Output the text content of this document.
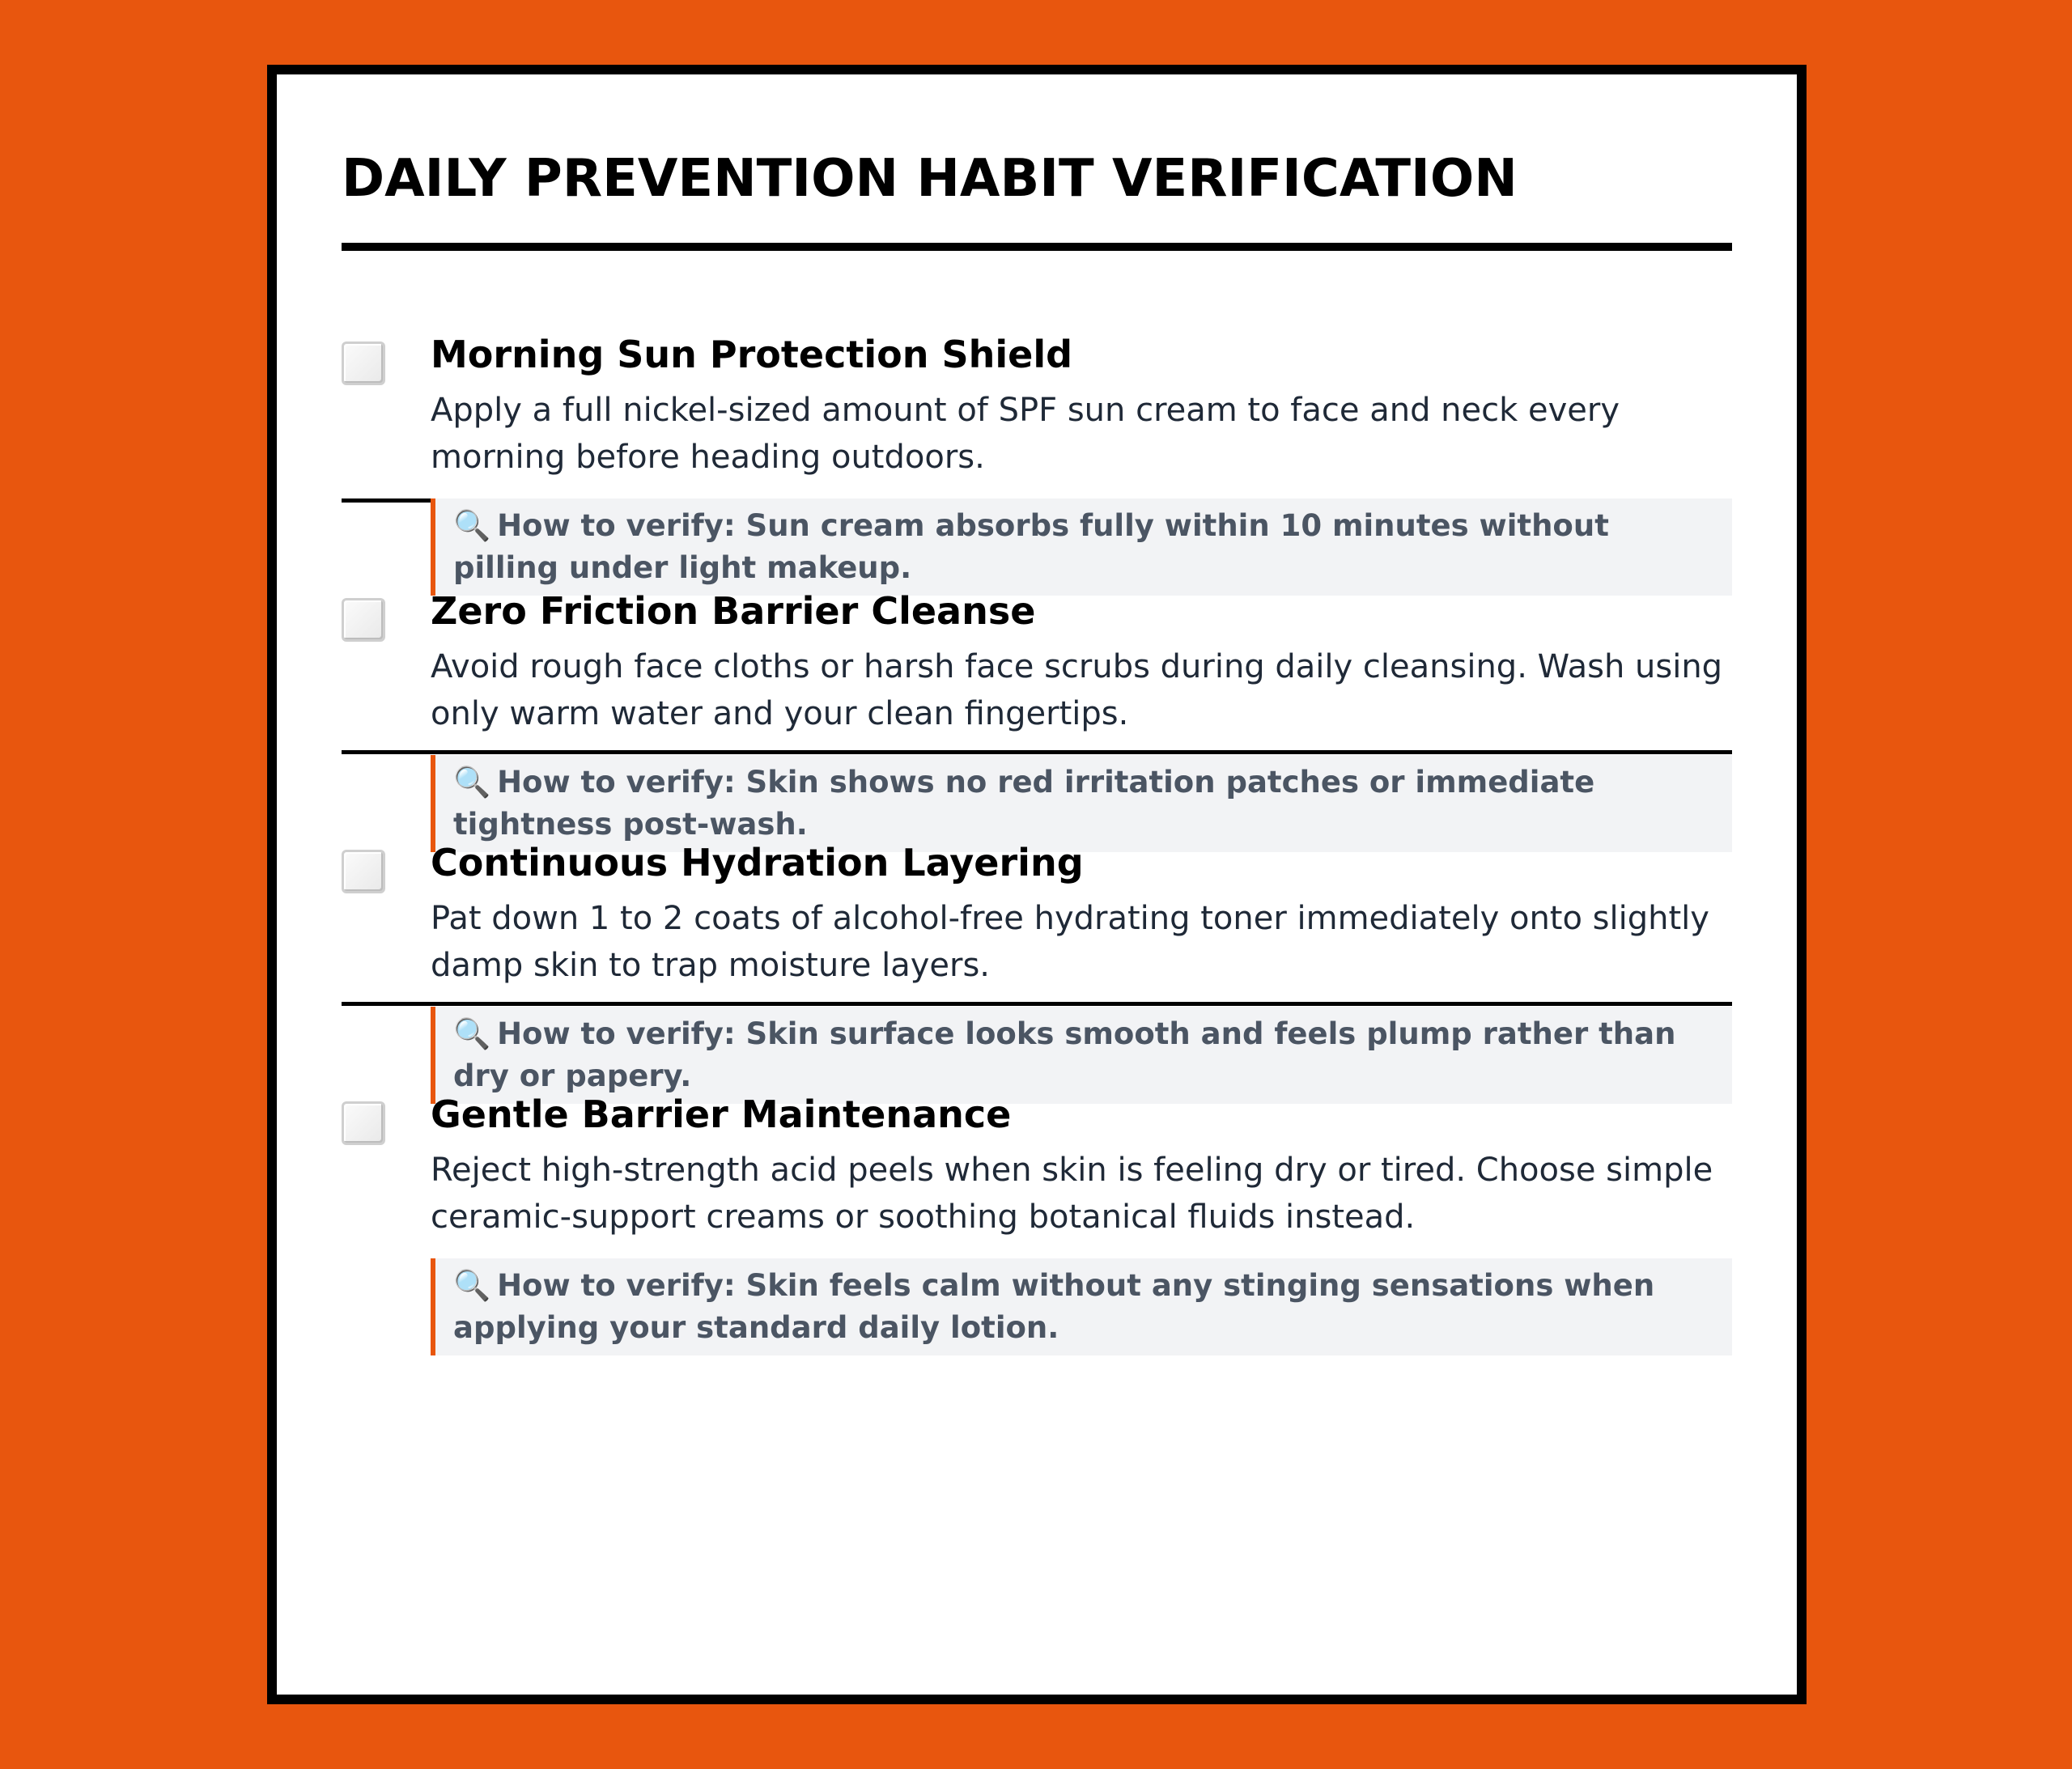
DAILY PREVENTION HABIT VERIFICATION
Morning Sun Protection Shield

Apply a full nickel-sized amount of SPF sun cream to face and neck every morning before heading outdoors.

🔍 How to verify: Sun cream absorbs fully within 10 minutes without pilling under light makeup.
Zero Friction Barrier Cleanse

Avoid rough face cloths or harsh face scrubs during daily cleansing. Wash using only warm water and your clean fingertips.

🔍 How to verify: Skin shows no red irritation patches or immediate tightness post-wash.
Continuous Hydration Layering

Pat down 1 to 2 coats of alcohol-free hydrating toner immediately onto slightly damp skin to trap moisture layers.

🔍 How to verify: Skin surface looks smooth and feels plump rather than dry or papery.
Gentle Barrier Maintenance

Reject high-strength acid peels when skin is feeling dry or tired. Choose simple ceramic-support creams or soothing botanical fluids instead.

🔍 How to verify: Skin feels calm without any stinging sensations when applying your standard daily lotion.
